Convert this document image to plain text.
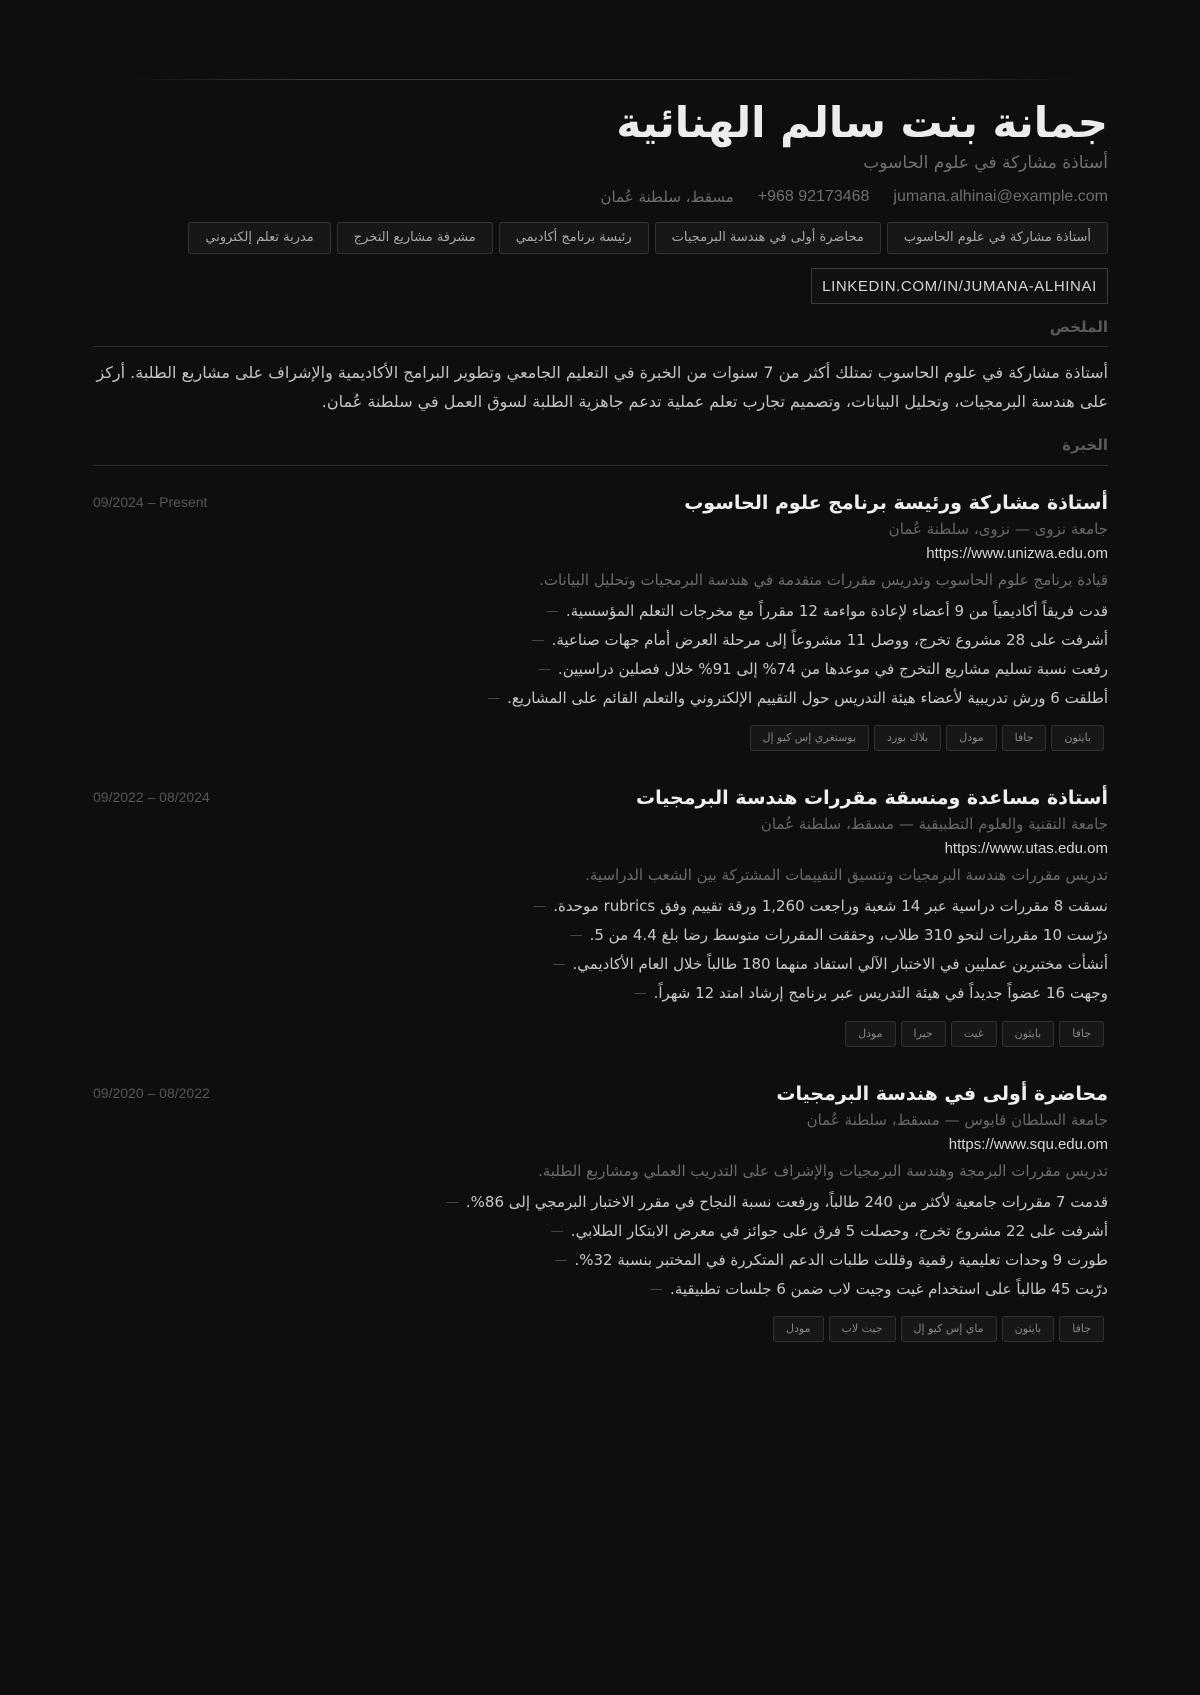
جمانة بنت سالم الهنائية
أستاذة مشاركة في علوم الحاسوب
jumana.alhinai@example.com
+968 92173468
مسقط، سلطنة عُمان
أستاذة مشاركة في علوم الحاسوب
محاضرة أولى في هندسة البرمجيات
رئيسة برنامج أكاديمي
مشرفة مشاريع التخرج
مدربة تعلم إلكتروني
LINKEDIN.COM/IN/JUMANA-ALHINAI
الملخص

أستاذة مشاركة في علوم الحاسوب تمتلك أكثر من 7 سنوات من الخبرة في التعليم الجامعي وتطوير البرامج الأكاديمية والإشراف على مشاريع الطلبة. أركز
على هندسة البرمجيات، وتحليل البيانات، وتصميم تجارب تعلم عملية تدعم جاهزية الطلبة لسوق العمل في سلطنة عُمان.

الخبرة
أستاذة مشاركة ورئيسة برنامج علوم الحاسوب
09/2024 – Present
جامعة نزوى — نزوى، سلطنة عُمان
https://www.unizwa.edu.om
قيادة برنامج علوم الحاسوب وتدريس مقررات متقدمة في هندسة البرمجيات وتحليل البيانات.
قدت فريقاً أكاديمياً من 9 أعضاء لإعادة مواءمة 12 مقرراً مع مخرجات التعلم المؤسسية.
—
أشرفت على 28 مشروع تخرج، ووصل 11 مشروعاً إلى مرحلة العرض أمام جهات صناعية.
—
رفعت نسبة تسليم مشاريع التخرج في موعدها من 74% إلى 91% خلال فصلين دراسيين.
—
أطلقت 6 ورش تدريبية لأعضاء هيئة التدريس حول التقييم الإلكتروني والتعلم القائم على المشاريع.
—
بايثون
جافا
مودل
بلاك بورد
بوستغري إس كيو إل
أستاذة مساعدة ومنسقة مقررات هندسة البرمجيات
09/2022 – 08/2024
جامعة التقنية والعلوم التطبيقية — مسقط، سلطنة عُمان
https://www.utas.edu.om
تدريس مقررات هندسة البرمجيات وتنسيق التقييمات المشتركة بين الشعب الدراسية.
نسقت 8 مقررات دراسية عبر 14 شعبة وراجعت 1,260 ورقة تقييم وفق rubrics موحدة.
—
درّست 10 مقررات لنحو 310 طلاب، وحققت المقررات متوسط رضا بلغ 4.4 من 5.
—
أنشأت مختبرين عمليين في الاختبار الآلي استفاد منهما 180 طالباً خلال العام الأكاديمي.
—
وجهت 16 عضواً جديداً في هيئة التدريس عبر برنامج إرشاد امتد 12 شهراً.
—
جافا
بايثون
غيت
جيرا
مودل
محاضرة أولى في هندسة البرمجيات
09/2020 – 08/2022
جامعة السلطان قابوس — مسقط، سلطنة عُمان
https://www.squ.edu.om
تدريس مقررات البرمجة وهندسة البرمجيات والإشراف على التدريب العملي ومشاريع الطلبة.
قدمت 7 مقررات جامعية لأكثر من 240 طالباً، ورفعت نسبة النجاح في مقرر الاختبار البرمجي إلى 86%.
—
أشرفت على 22 مشروع تخرج، وحصلت 5 فرق على جوائز في معرض الابتكار الطلابي.
—
طورت 9 وحدات تعليمية رقمية وقللت طلبات الدعم المتكررة في المختبر بنسبة 32%.
—
درّبت 45 طالباً على استخدام غيت وجيت لاب ضمن 6 جلسات تطبيقية.
—
جافا
بايثون
ماي إس كيو إل
جيت لاب
مودل
